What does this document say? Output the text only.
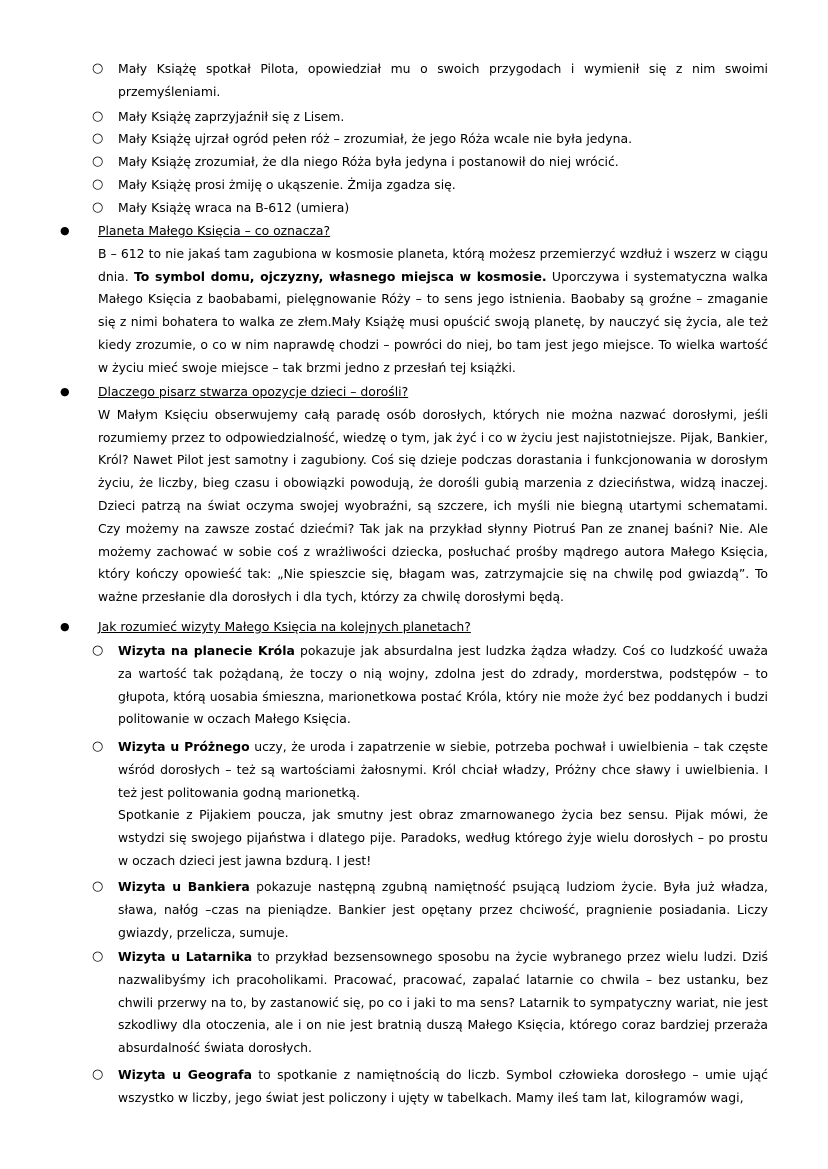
○ Mały Książę spotkał Pilota, opowiedział mu o swoich przygodach i wymienił się z nim swoimi przemyśleniami.
○ Mały Książę zaprzyjaźnił się z Lisem.
○ Mały Książę ujrzał ogród pełen róż – zrozumiał, że jego Róża wcale nie była jedyna.
○ Mały Książę zrozumiał, że dla niego Róża była jedyna i postanowił do niej wrócić.
○ Mały Książę prosi żmiję o ukąszenie. Żmija zgadza się.
○ Mały Książę wraca na B-612 (umiera)
● Planeta Małego Księcia – co oznacza?
B – 612 to nie jakaś tam zagubiona w kosmosie planeta, którą możesz przemierzyć wzdłuż i wszerz w ciągu dnia. To symbol domu, ojczyzny, własnego miejsca w kosmosie. Uporczywa i systematyczna walka Małego Księcia z baobabami, pielęgnowanie Róży – to sens jego istnienia. Baobaby są groźne – zmaganie się z nimi bohatera to walka ze złem.Mały Książę musi opuścić swoją planetę, by nauczyć się życia, ale też kiedy zrozumie, o co w nim naprawdę chodzi – powróci do niej, bo tam jest jego miejsce. To wielka wartość w życiu mieć swoje miejsce – tak brzmi jedno z przesłań tej książki.
● Dlaczego pisarz stwarza opozycje dzieci – dorośli?
W Małym Księciu obserwujemy całą paradę osób dorosłych, których nie można nazwać dorosłymi, jeśli rozumiemy przez to odpowiedzialność, wiedzę o tym, jak żyć i co w życiu jest najistotniejsze. Pijak, Bankier, Król? Nawet Pilot jest samotny i zagubiony. Coś się dzieje podczas dorastania i funkcjonowania w dorosłym życiu, że liczby, bieg czasu i obowiązki powodują, że dorośli gubią marzenia z dzieciństwa, widzą inaczej. Dzieci patrzą na świat oczyma swojej wyobraźni, są szczere, ich myśli nie biegną utartymi schematami. Czy możemy na zawsze zostać dziećmi? Tak jak na przykład słynny Piotruś Pan ze znanej baśni? Nie. Ale możemy zachować w sobie coś z wrażliwości dziecka, posłuchać prośby mądrego autora Małego Księcia, który kończy opowieść tak: „Nie spieszcie się, błagam was, zatrzymajcie się na chwilę pod gwiazdą”. To ważne przesłanie dla dorosłych i dla tych, którzy za chwilę dorosłymi będą.
● Jak rozumieć wizyty Małego Księcia na kolejnych planetach?
○ Wizyta na planecie Króla pokazuje jak absurdalna jest ludzka żądza władzy. Coś co ludzkość uważa za wartość tak pożądaną, że toczy o nią wojny, zdolna jest do zdrady, morderstwa, podstępów – to głupota, którą uosabia śmieszna, marionetkowa postać Króla, który nie może żyć bez poddanych i budzi politowanie w oczach Małego Księcia.
○ Wizyta u Próżnego uczy, że uroda i zapatrzenie w siebie, potrzeba pochwał i uwielbienia – tak częste wśród dorosłych – też są wartościami żałosnymi. Król chciał władzy, Próżny chce sławy i uwielbienia. I też jest politowania godną marionetką.
Spotkanie z Pijakiem poucza, jak smutny jest obraz zmarnowanego życia bez sensu. Pijak mówi, że wstydzi się swojego pijaństwa i dlatego pije. Paradoks, według którego żyje wielu dorosłych – po prostu w oczach dzieci jest jawna bzdurą. I jest!
○ Wizyta u Bankiera pokazuje następną zgubną namiętność psującą ludziom życie. Była już władza, sława, nałóg –czas na pieniądze. Bankier jest opętany przez chciwość, pragnienie posiadania. Liczy gwiazdy, przelicza, sumuje.
○ Wizyta u Latarnika to przykład bezsensownego sposobu na życie wybranego przez wielu ludzi. Dziś nazwalibyśmy ich pracoholikami. Pracować, pracować, zapalać latarnie co chwila – bez ustanku, bez chwili przerwy na to, by zastanowić się, po co i jaki to ma sens? Latarnik to sympatyczny wariat, nie jest szkodliwy dla otoczenia, ale i on nie jest bratnią duszą Małego Księcia, którego coraz bardziej przeraża absurdalność świata dorosłych.
○ Wizyta u Geografa to spotkanie z namiętnością do liczb. Symbol człowieka dorosłego – umie ująć wszystko w liczby, jego świat jest policzony i ujęty w tabelkach. Mamy ileś tam lat, kilogramów wagi,
